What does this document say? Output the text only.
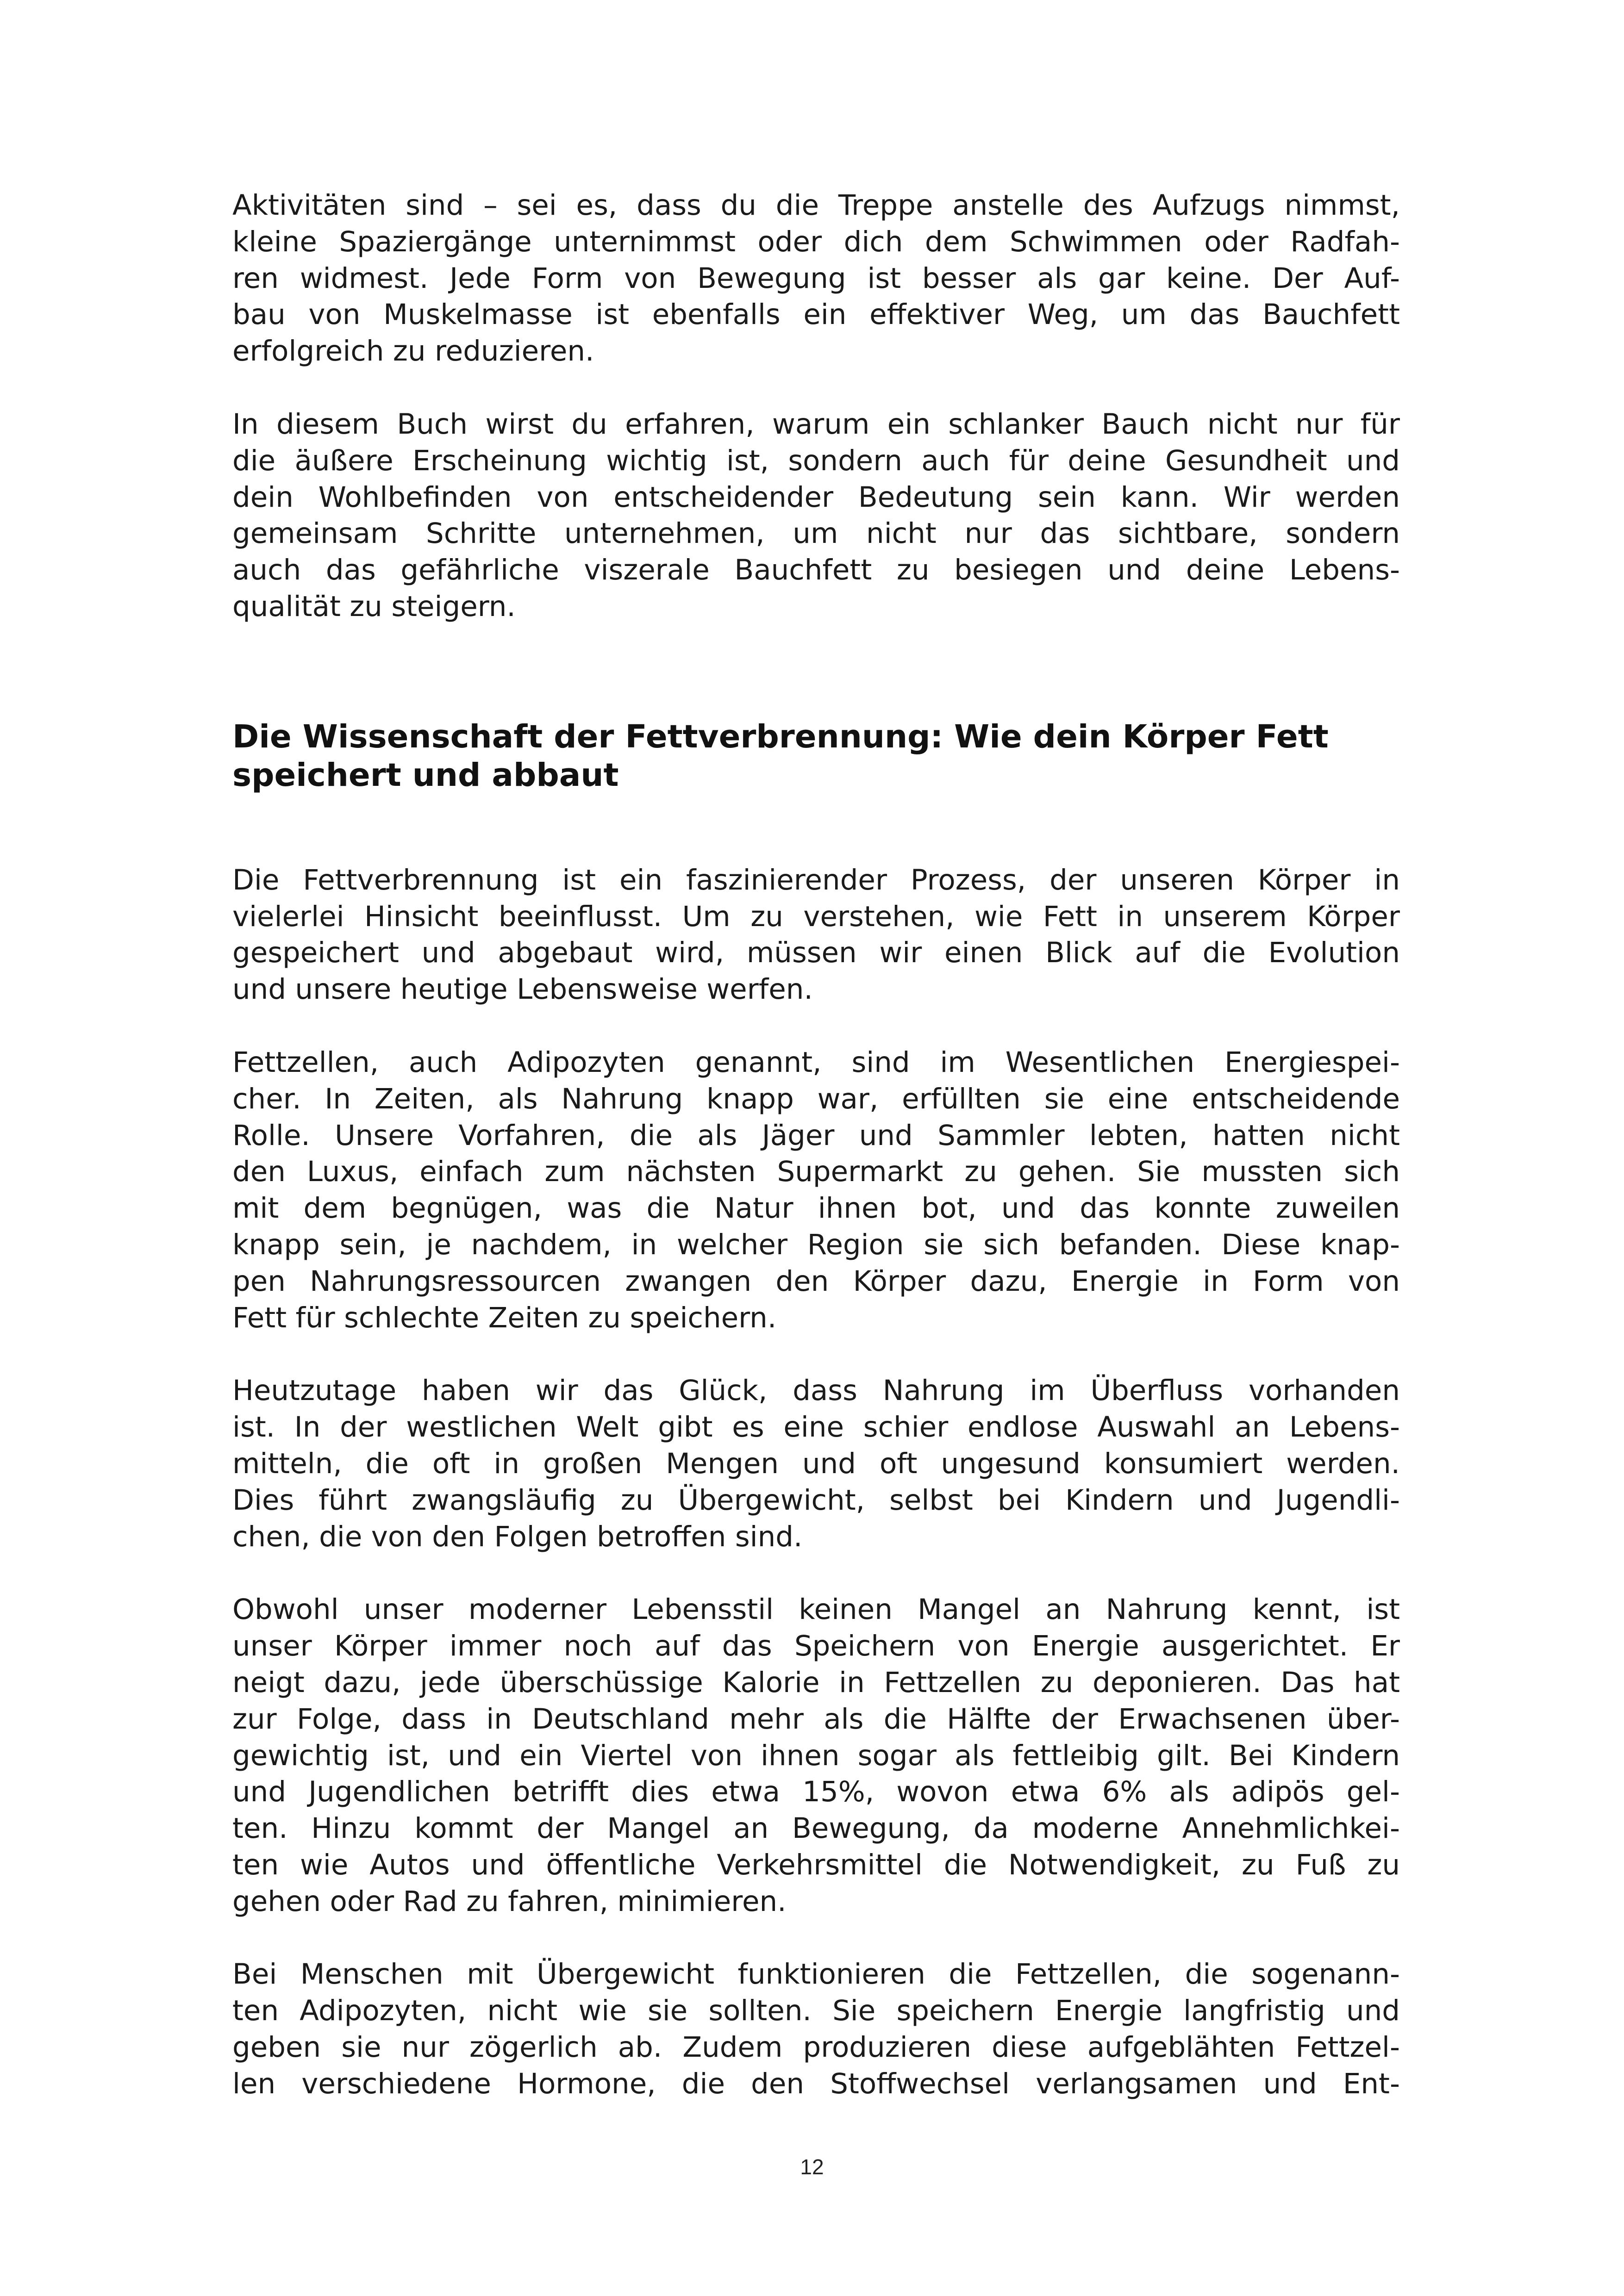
Aktivitäten sind – sei es, dass du die Treppe anstelle des Aufzugs nimmst,
kleine Spaziergänge unternimmst oder dich dem Schwimmen oder Radfah-
ren widmest. Jede Form von Bewegung ist besser als gar keine. Der Auf-
bau von Muskelmasse ist ebenfalls ein effektiver Weg, um das Bauchfett
erfolgreich zu reduzieren.

In diesem Buch wirst du erfahren, warum ein schlanker Bauch nicht nur für
die äußere Erscheinung wichtig ist, sondern auch für deine Gesundheit und
dein Wohlbefinden von entscheidender Bedeutung sein kann. Wir werden
gemeinsam Schritte unternehmen, um nicht nur das sichtbare, sondern
auch das gefährliche viszerale Bauchfett zu besiegen und deine Lebens-
qualität zu steigern.

Die Wissenschaft der Fettverbrennung: Wie dein Körper Fett
speichert und abbaut

Die Fettverbrennung ist ein faszinierender Prozess, der unseren Körper in
vielerlei Hinsicht beeinflusst. Um zu verstehen, wie Fett in unserem Körper
gespeichert und abgebaut wird, müssen wir einen Blick auf die Evolution
und unsere heutige Lebensweise werfen.

Fettzellen, auch Adipozyten genannt, sind im Wesentlichen Energiespei-
cher. In Zeiten, als Nahrung knapp war, erfüllten sie eine entscheidende
Rolle. Unsere Vorfahren, die als Jäger und Sammler lebten, hatten nicht
den Luxus, einfach zum nächsten Supermarkt zu gehen. Sie mussten sich
mit dem begnügen, was die Natur ihnen bot, und das konnte zuweilen
knapp sein, je nachdem, in welcher Region sie sich befanden. Diese knap-
pen Nahrungsressourcen zwangen den Körper dazu, Energie in Form von
Fett für schlechte Zeiten zu speichern.

Heutzutage haben wir das Glück, dass Nahrung im Überfluss vorhanden
ist. In der westlichen Welt gibt es eine schier endlose Auswahl an Lebens-
mitteln, die oft in großen Mengen und oft ungesund konsumiert werden.
Dies führt zwangsläufig zu Übergewicht, selbst bei Kindern und Jugendli-
chen, die von den Folgen betroffen sind.

Obwohl unser moderner Lebensstil keinen Mangel an Nahrung kennt, ist
unser Körper immer noch auf das Speichern von Energie ausgerichtet. Er
neigt dazu, jede überschüssige Kalorie in Fettzellen zu deponieren. Das hat
zur Folge, dass in Deutschland mehr als die Hälfte der Erwachsenen über-
gewichtig ist, und ein Viertel von ihnen sogar als fettleibig gilt. Bei Kindern
und Jugendlichen betrifft dies etwa 15%, wovon etwa 6% als adipös gel-
ten. Hinzu kommt der Mangel an Bewegung, da moderne Annehmlichkei-
ten wie Autos und öffentliche Verkehrsmittel die Notwendigkeit, zu Fuß zu
gehen oder Rad zu fahren, minimieren.

Bei Menschen mit Übergewicht funktionieren die Fettzellen, die sogenann-
ten Adipozyten, nicht wie sie sollten. Sie speichern Energie langfristig und
geben sie nur zögerlich ab. Zudem produzieren diese aufgeblähten Fettzel-
len verschiedene Hormone, die den Stoffwechsel verlangsamen und Ent-

12
